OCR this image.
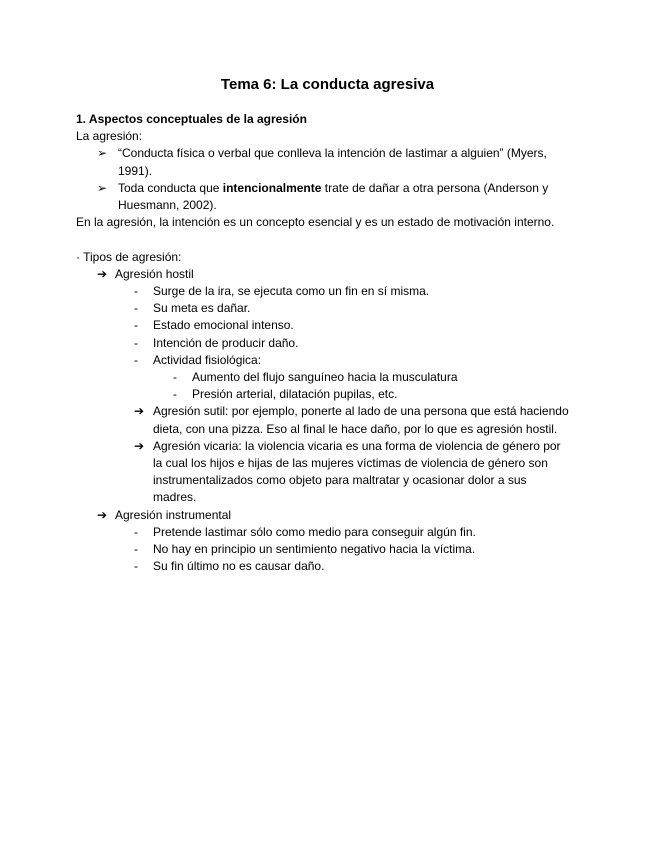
Tema 6: La conducta agresiva
1. Aspectos conceptuales de la agresión
La agresión:
➢ “Conducta física o verbal que conlleva la intención de lastimar a alguien” (Myers, 1991).
➢ Toda conducta que intencionalmente trate de dañar a otra persona (Anderson y Huesmann, 2002).
En la agresión, la intención es un concepto esencial y es un estado de motivación interno.
· Tipos de agresión:
➔ Agresión hostil
- Surge de la ira, se ejecuta como un fin en sí misma.
- Su meta es dañar.
- Estado emocional intenso.
- Intención de producir daño.
- Actividad fisiológica:
- Aumento del flujo sanguíneo hacia la musculatura
- Presión arterial, dilatación pupilas, etc.
➔ Agresión sutil: por ejemplo, ponerte al lado de una persona que está haciendo dieta, con una pizza. Eso al final le hace daño, por lo que es agresión hostil.
➔ Agresión vicaria: la violencia vicaria es una forma de violencia de género por la cual los hijos e hijas de las mujeres víctimas de violencia de género son instrumentalizados como objeto para maltratar y ocasionar dolor a sus madres.
➔ Agresión instrumental
- Pretende lastimar sólo como medio para conseguir algún fin.
- No hay en principio un sentimiento negativo hacia la víctima.
- Su fin último no es causar daño.
